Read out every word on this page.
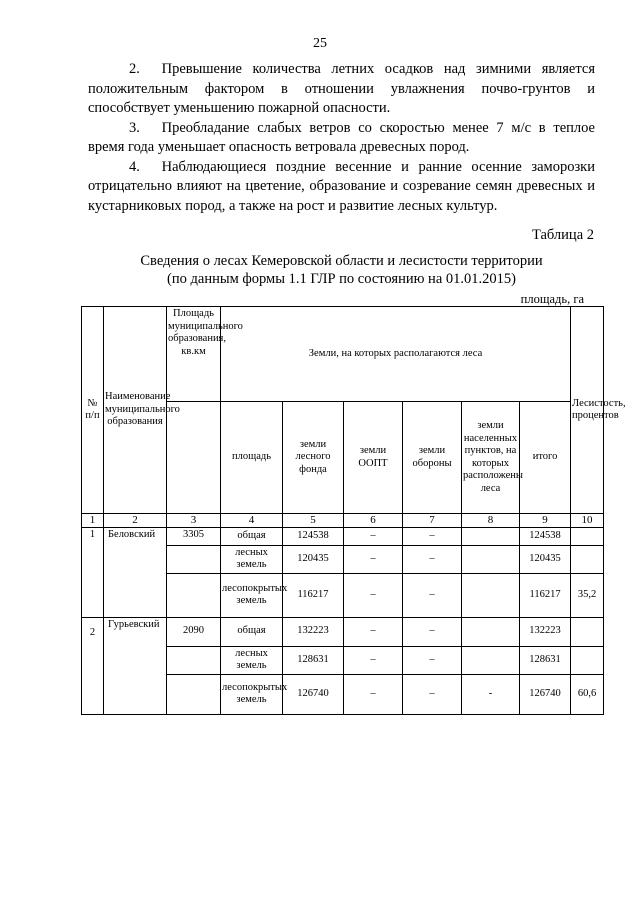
25

2.  Превышение количества летних осадков над зимними является положительным фактором в отношении увлажнения почво-грунтов и способствует уменьшению пожарной опасности.

3.  Преобладание слабых ветров со скоростью менее 7 м/с в теплое время года уменьшает опасность ветровала древесных пород.

4.  Наблюдающиеся поздние весенние и ранние осенние заморозки отрицательно влияют на цветение, образование и созревание семян древесных и кустарниковых пород, а также на рост и развитие лесных культур.

Таблица 2
Сведения о лесах Кемеровской области и лесистости территории
(по данным формы 1.1 ГЛР по состоянию на 01.01.2015)
площадь, га
№ п/п	Наименование муниципального образования	Площадь муниципального образования, кв.км	Земли, на которых располагаются леса						Лесистость, процентов
			площадь	земли лесного фонда	земли ООПТ	земли обороны	земли населенных пунктов, на которых расположены леса	итого	
1	2	3	4	5	6	7	8	9	10
1	Беловский	3305	общая	124538	–	–		124538	
			лесных земель	120435	–	–		120435	
			лесопокрытых земель	116217	–	–		116217	35,2
2	Гурьевский	2090	общая	132223	–	–		132223	
			лесных земель	128631	–	–		128631	
			лесопокрытых земель	126740	–	–	-	126740	60,6
